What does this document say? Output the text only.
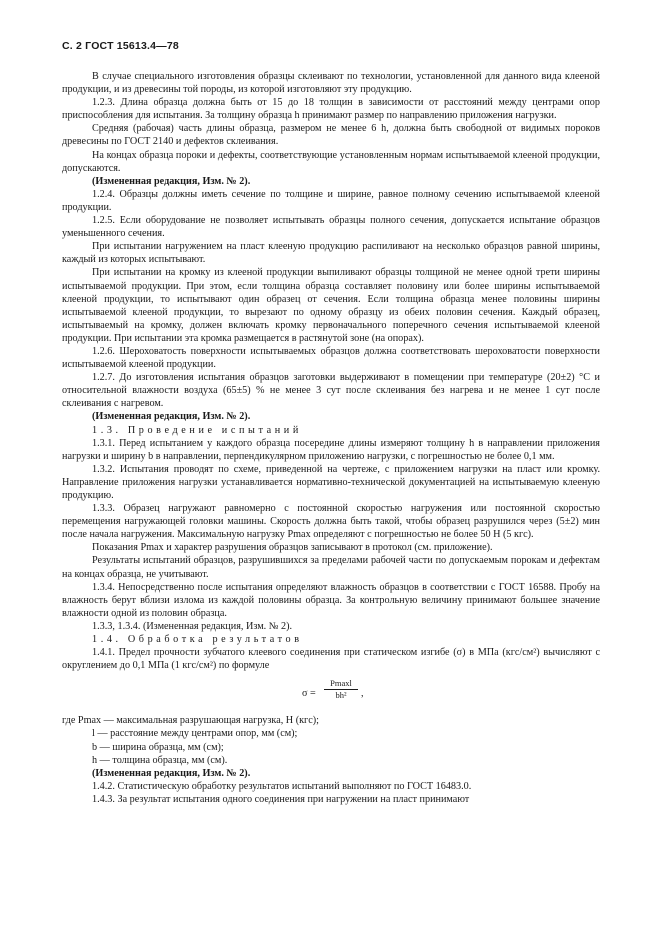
С. 2 ГОСТ 15613.4—78

В случае специального изготовления образцы склеивают по технологии, установленной для данного вида клееной продукции, и из древесины той породы, из которой изготовляют эту продукцию.

1.2.3. Длина образца должна быть от 15 до 18 толщин в зависимости от расстояний между центрами опор приспособления для испытания. За толщину образца h принимают размер по направлению приложения нагрузки.

Средняя (рабочая) часть длины образца, размером не менее 6 h, должна быть свободной от видимых пороков древесины по ГОСТ 2140 и дефектов склеивания.

На концах образца пороки и дефекты, соответствующие установленным нормам испытываемой клееной продукции, допускаются.

(Измененная редакция, Изм. № 2).

1.2.4. Образцы должны иметь сечение по толщине и ширине, равное полному сечению испытываемой клееной продукции.

1.2.5. Если оборудование не позволяет испытывать образцы полного сечения, допускается испытание образцов уменьшенного сечения.

При испытании нагружением на пласт клееную продукцию распиливают на несколько образцов равной ширины, каждый из которых испытывают.

При испытании на кромку из клееной продукции выпиливают образцы толщиной не менее одной трети ширины испытываемой продукции. При этом, если толщина образца составляет половину или более ширины испытываемой клееной продукции, то испытывают один образец от сечения. Если толщина образца менее половины ширины испытываемой клееной продукции, то вырезают по одному образцу из обеих половин сечения. Каждый образец, испытываемый на кромку, должен включать кромку первоначального поперечного сечения испытываемой клееной продукции. При испытании эта кромка размещается в растянутой зоне (на опорах).

1.2.6. Шероховатость поверхности испытываемых образцов должна соответствовать шероховатости поверхности испытываемой клееной продукции.

1.2.7. До изготовления испытания образцов заготовки выдерживают в помещении при температуре (20±2) °С и относительной влажности воздуха (65±5) % не менее 3 сут после склеивания без нагрева и не менее 1 сут после склеивания с нагревом.

(Измененная редакция, Изм. № 2).

1.3. Проведение испытаний

1.3.1. Перед испытанием у каждого образца посередине длины измеряют толщину h в направлении приложения нагрузки и ширину b в направлении, перпендикулярном приложению нагрузки, с погрешностью не более 0,1 мм.

1.3.2. Испытания проводят по схеме, приведенной на чертеже, с приложением нагрузки на пласт или кромку. Направление приложения нагрузки устанавливается нормативно-технической документацией на испытываемую клееную продукцию.

1.3.3. Образец нагружают равномерно с постоянной скоростью нагружения или постоянной скоростью перемещения нагружающей головки машины. Скорость должна быть такой, чтобы образец разрушился через (5±2) мин после начала нагружения. Максимальную нагрузку Pmax определяют с погрешностью не более 50 Н (5 кгс).

Показания Pmax и характер разрушения образцов записывают в протокол (см. приложение).

Результаты испытаний образцов, разрушившихся за пределами рабочей части по допускаемым порокам и дефектам на концах образца, не учитывают.

1.3.4. Непосредственно после испытания определяют влажность образцов в соответствии с ГОСТ 16588. Пробу на влажность берут вблизи излома из каждой половины образца. За контрольную величину принимают большее значение влажности одной из половин образца.

1.3.3, 1.3.4. (Измененная редакция, Изм. № 2).

1.4. Обработка результатов

1.4.1. Предел прочности зубчатого клеевого соединения при статическом изгибе (σ) в МПа (кгс/см²) вычисляют с округлением до 0,1 МПа (1 кгс/см²) по формуле

σ =
Pmaxl
bh²	,

где Pmax — максимальная разрушающая нагрузка, Н (кгс);

l — расстояние между центрами опор, мм (см);

b — ширина образца, мм (см);

h — толщина образца, мм (см).

(Измененная редакция, Изм. № 2).

1.4.2. Статистическую обработку результатов испытаний выполняют по ГОСТ 16483.0.

1.4.3. За результат испытания одного соединения при нагружении на пласт принимают
